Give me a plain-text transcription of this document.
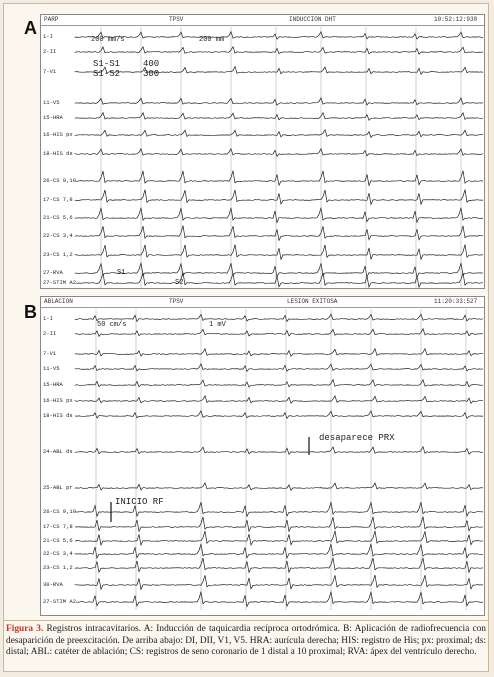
A PARP	TPSV	INDUCCION DHT	10:52:12:930
1-I
2-II
7-V1
11-V5
15-HRA
16-HIS px
18-HIS ds
26-CS 9,10
17-CS 7,8
21-CS 5,6
22-CS 3,4
23-CS 1,2
27-RVA
27-STIM A2
200 mm/s	200 mm
S1-S1	400
S1-S2	300
S1
S2
B
ABLACION	TPSV	LESION EXITOSA	11:20:33:527
1-I
2-II
7-V1
11-V5
15-HRA
16-HIS px
18-HIS ds
24-ABL ds
25-ABL pr
26-CS 9,10
17-CS 7,8
21-CS 5,6
22-CS 3,4
23-CS 1,2
30-RVA
27-STIM A2
50 cm/s	1 mV
INICIO RF
desaparece PRX
Figura 3. Registros intracavitarios. A: Inducción de taquicardia recíproca ortodrómica. B: Aplicación de radiofrecuencia con desaparición de preexcitación. De arriba abajo: DI, DII, V1, V5. HRA: aurícula derecha; HIS: registro de His; px: proximal; ds: distal; ABL: catéter de ablación; CS: registros de seno coronario de 1 distal a 10 proximal; RVA: ápex del ventrículo derecho.
